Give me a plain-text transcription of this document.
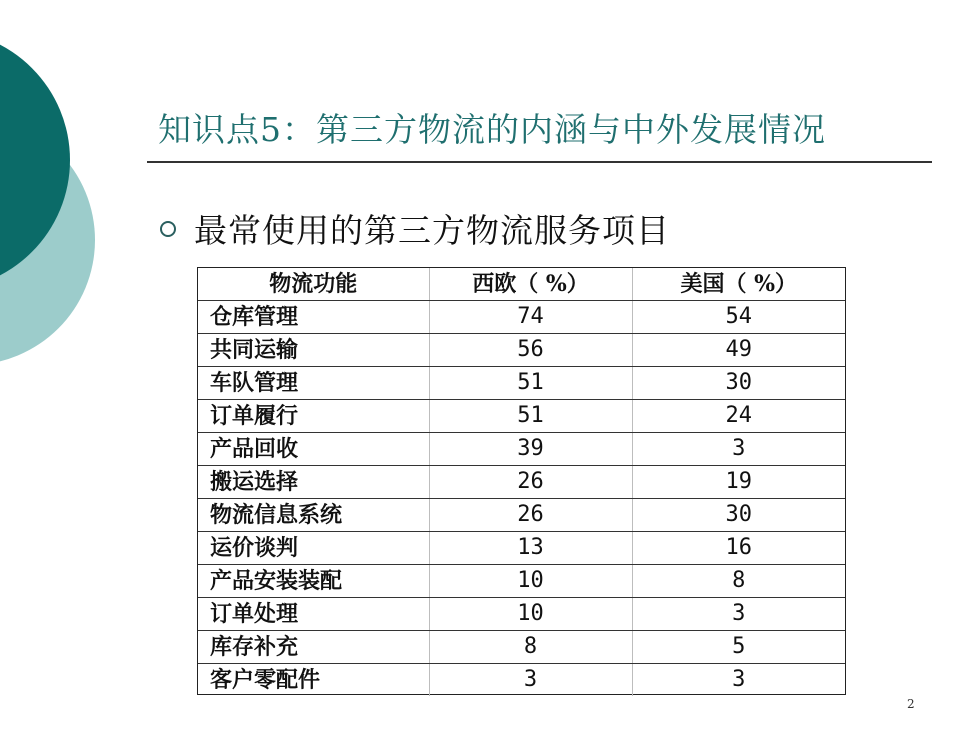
知识点5：第三方物流的内涵与中外发展情况
最常使用的第三方物流服务项目
物流功能	西欧（ %）	美国（ %）
仓库管理	74	54
共同运输	56	49
车队管理	51	30
订单履行	51	24
产品回收	39	3
搬运选择	26	19
物流信息系统	26	30
运价谈判	13	16
产品安装装配	10	8
订单处理	10	3
库存补充	8	5
客户零配件	3	3
2
